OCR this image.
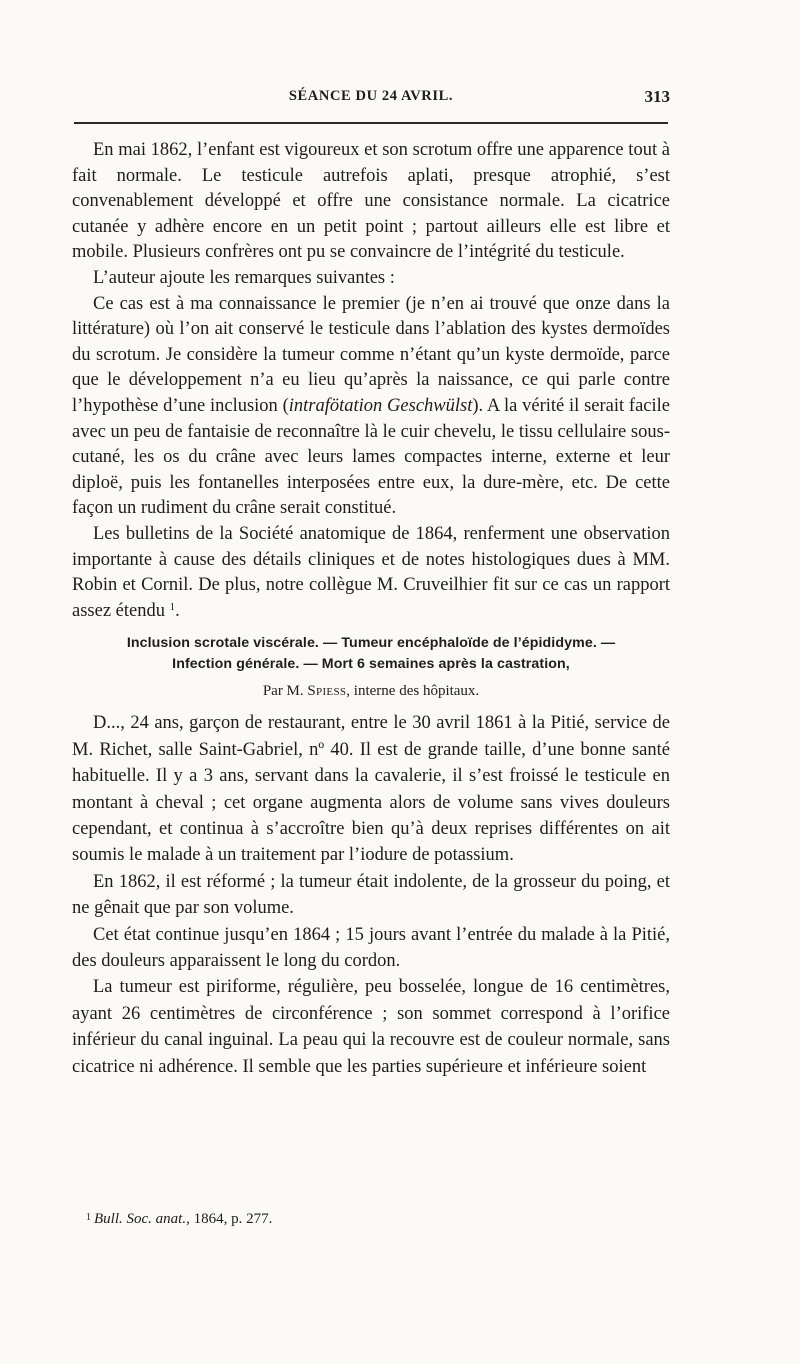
SÉANCE DU 24 AVRIL.	313

En mai 1862, l’enfant est vigoureux et son scrotum offre une apparence tout à fait normale. Le testicule autrefois aplati, presque atrophié, s’est convenablement développé et offre une consistance normale. La cicatrice cutanée y adhère encore en un petit point ; partout ailleurs elle est libre et mobile. Plusieurs confrères ont pu se convaincre de l’intégrité du testicule.

L’auteur ajoute les remarques suivantes :

Ce cas est à ma connaissance le premier (je n’en ai trouvé que onze dans la littérature) où l’on ait conservé le testicule dans l’ablation des kystes dermoïdes du scrotum. Je considère la tumeur comme n’étant qu’un kyste dermoïde, parce que le développement n’a eu lieu qu’après la naissance, ce qui parle contre l’hypothèse d’une inclusion (intrafötation Geschwülst). A la vérité il serait facile avec un peu de fantaisie de reconnaître là le cuir chevelu, le tissu cellulaire sous-cutané, les os du crâne avec leurs lames compactes interne, externe et leur diploë, puis les fontanelles interposées entre eux, la dure-mère, etc. De cette façon un rudiment du crâne serait constitué.

Les bulletins de la Société anatomique de 1864, renferment une observation importante à cause des détails cliniques et de notes histologiques dues à MM. Robin et Cornil. De plus, notre collègue M. Cruveilhier fit sur ce cas un rapport assez étendu $^1$.

Inclusion scrotale viscérale. — Tumeur encéphaloïde de l’épididyme. —
Infection générale. — Mort 6 semaines après la castration,
Par M. Spiess, interne des hôpitaux.

D..., 24 ans, garçon de restaurant, entre le 30 avril 1861 à la Pitié, service de M. Richet, salle Saint-Gabriel, nº 40. Il est de grande taille, d’une bonne santé habituelle. Il y a 3 ans, servant dans la cavalerie, il s’est froissé le testicule en montant à cheval ; cet organe augmenta alors de volume sans vives douleurs cependant, et continua à s’accroître bien qu’à deux reprises différentes on ait soumis le malade à un traitement par l’iodure de potassium.

En 1862, il est réformé ; la tumeur était indolente, de la grosseur du poing, et ne gênait que par son volume.

Cet état continue jusqu’en 1864 ; 15 jours avant l’entrée du malade à la Pitié, des douleurs apparaissent le long du cordon.

La tumeur est piriforme, régulière, peu bosselée, longue de 16 centimètres, ayant 26 centimètres de circonférence ; son sommet correspond à l’orifice inférieur du canal inguinal. La peau qui la recouvre est de couleur normale, sans cicatrice ni adhérence. Il semble que les parties supérieure et inférieure soient

$^1$ Bull. Soc. anat., 1864, p. 277.
